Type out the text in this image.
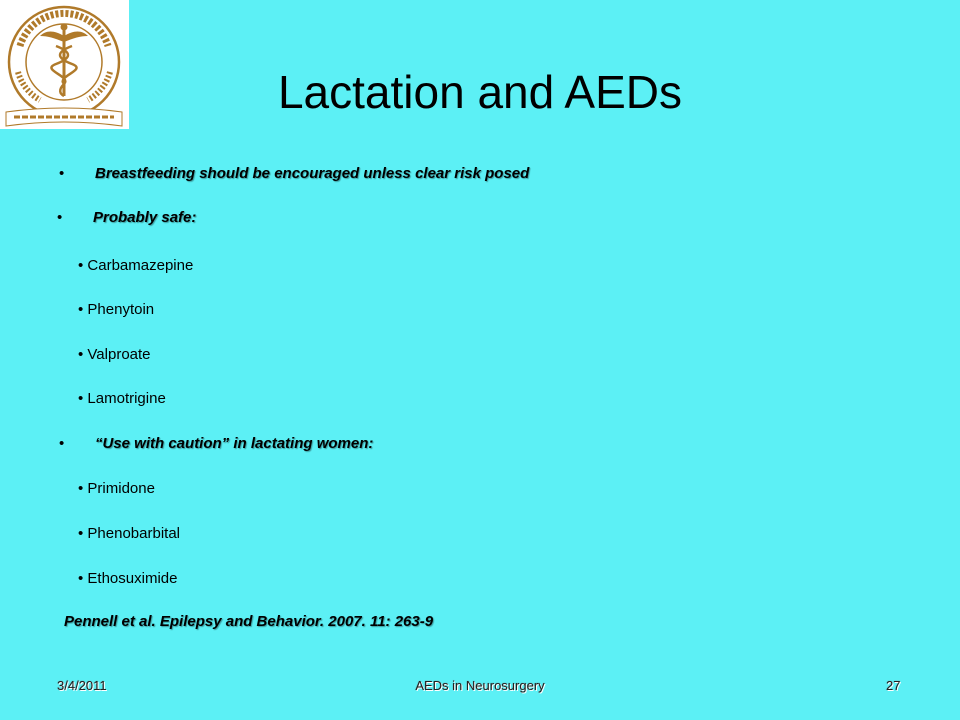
Lactation and AEDs
• Breastfeeding should be encouraged unless clear risk posed
• Probably safe:
• Carbamazepine
• Phenytoin
• Valproate
• Lamotrigine
• “Use with caution” in lactating women:
• Primidone
• Phenobarbital
• Ethosuximide
Pennell et al. Epilepsy and Behavior. 2007. 11: 263-9
3/4/2011	AEDs in Neurosurgery	27
